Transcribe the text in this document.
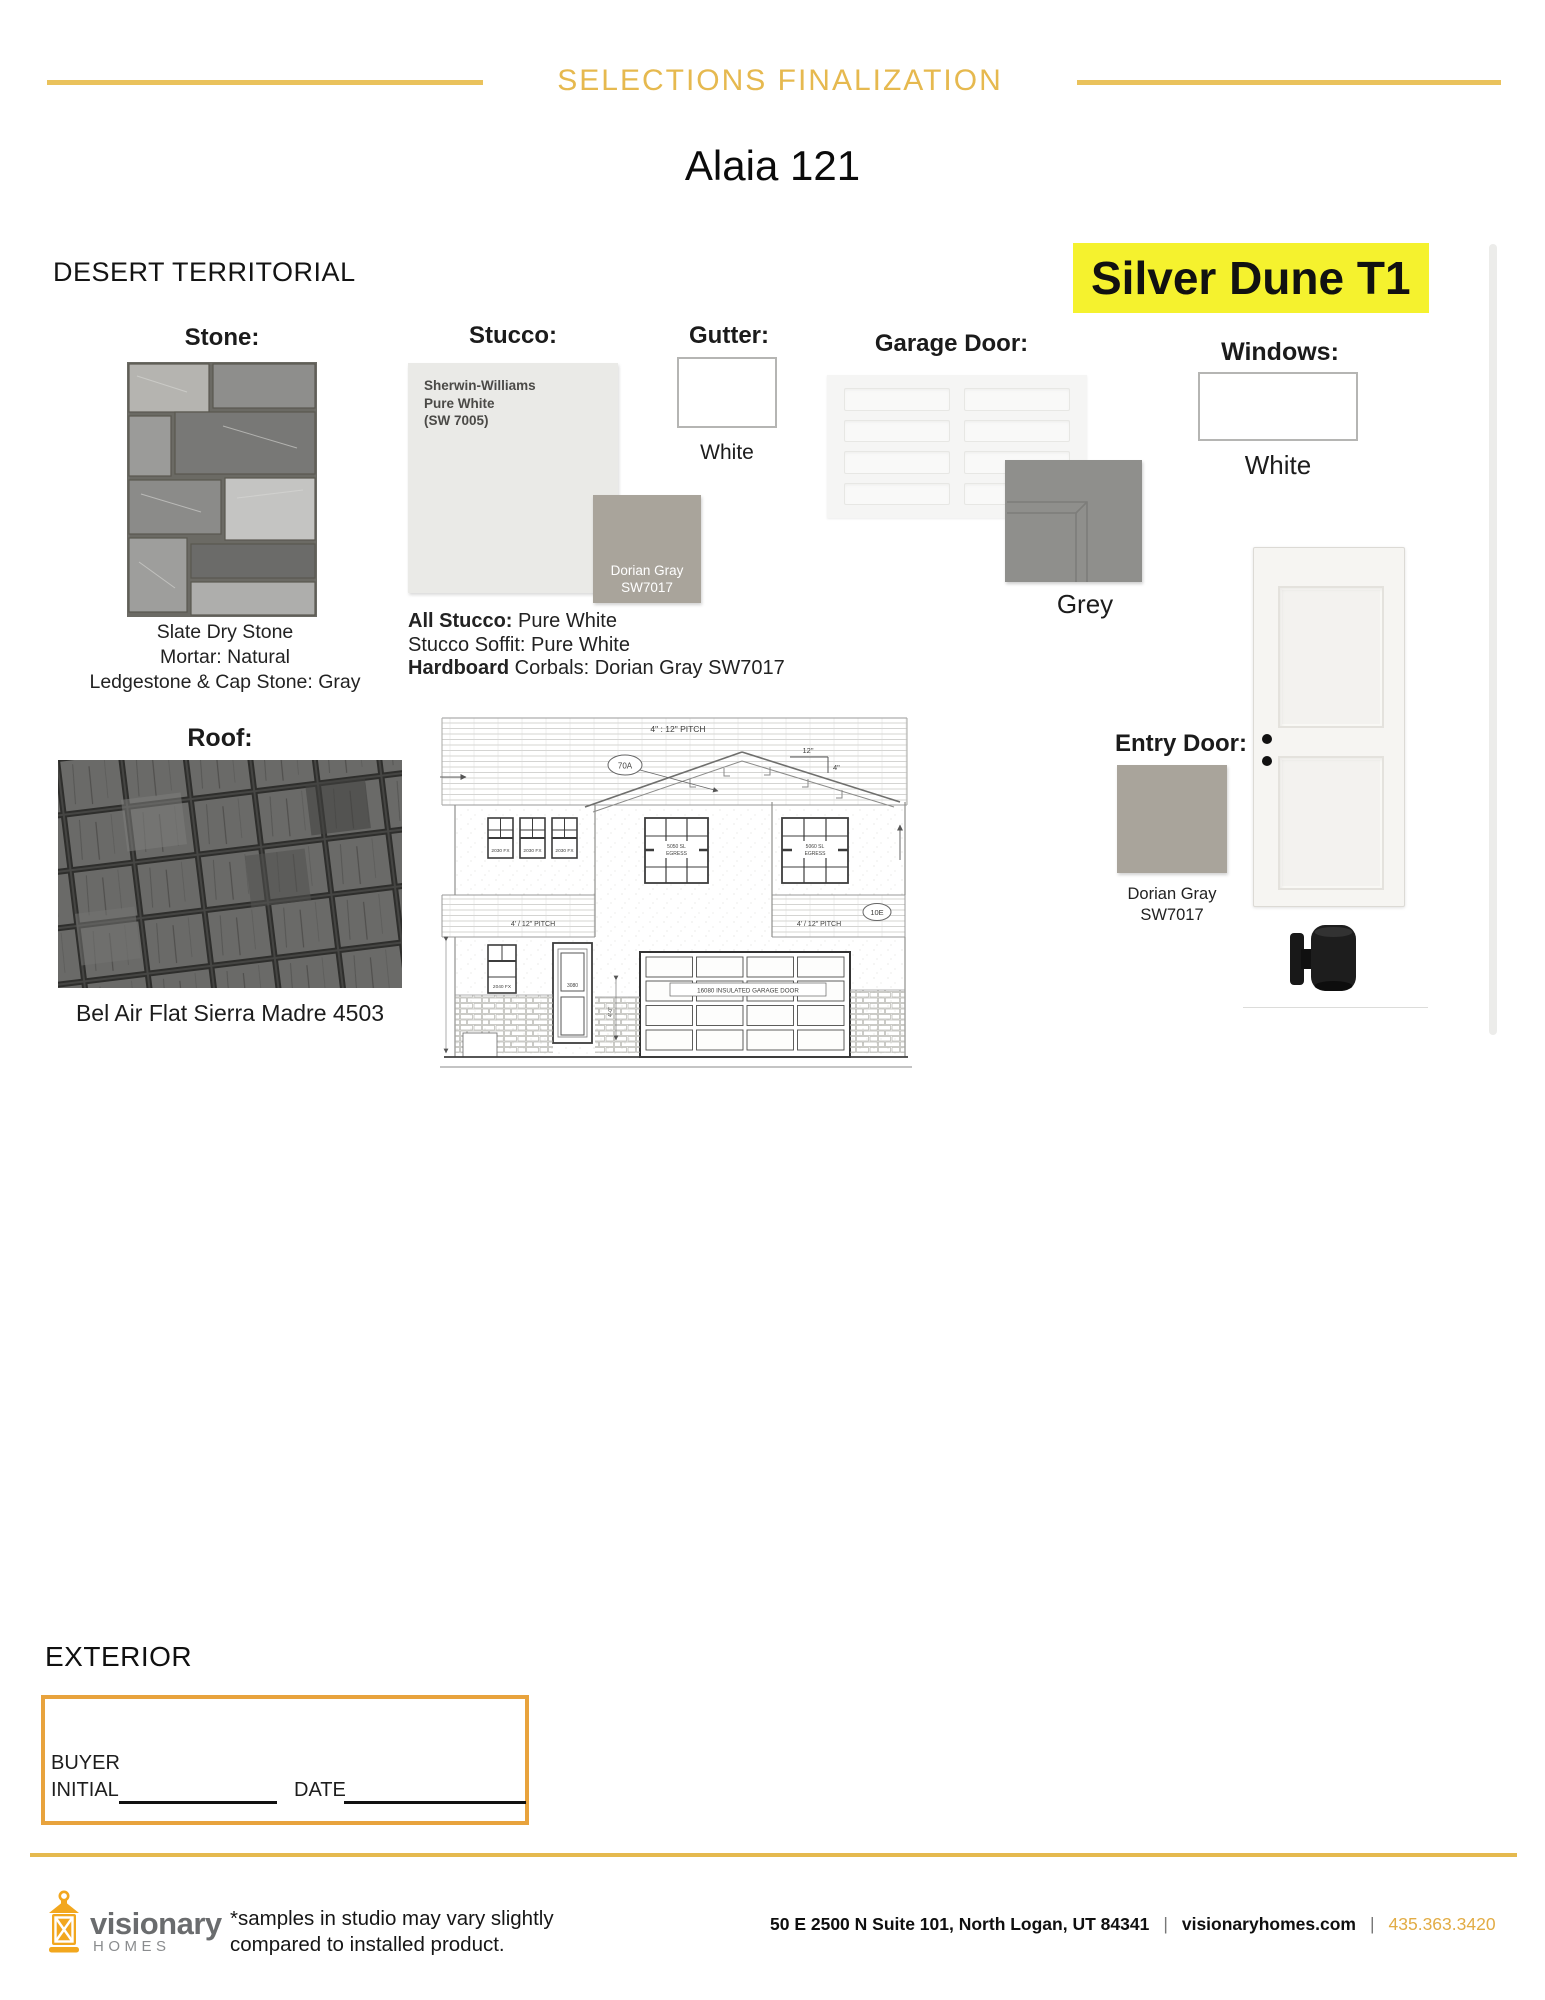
SELECTIONS FINALIZATION
Alaia 121
DESERT TERRITORIAL	Silver Dune T1
Stone:
Slate Dry Stone
Mortar: Natural
Ledgestone & Cap Stone: Gray
Stucco:
Sherwin-Williams
Pure White
(SW 7005)
Dorian Gray
SW7017
All Stucco: Pure White
Stucco Soffit: Pure White
Hardboard Corbals: Dorian Gray SW7017
Gutter:
White
Garage Door:
Grey
Windows:
White
Roof:
Bel Air Flat Sierra Madre 4503
4" : 12" PITCH
70A
12"
4"
2030 FX	2030 FX	2030 FX
5050 SL
EGRESS
5060 SL
EGRESS
4' / 12" PITCH	4' / 12" PITCH
10E
2040 FX	3080
16080 INSULATED GARAGE DOOR
4'-0"
Entry Door:
Dorian Gray
SW7017
EXTERIOR
BUYER
INITIAL	DATE
visionary
HOMES
*samples in studio may vary slightly
compared to installed product.
50 E 2500 N Suite 101, North Logan, UT 84341 | visionaryhomes.com | 435.363.3420
